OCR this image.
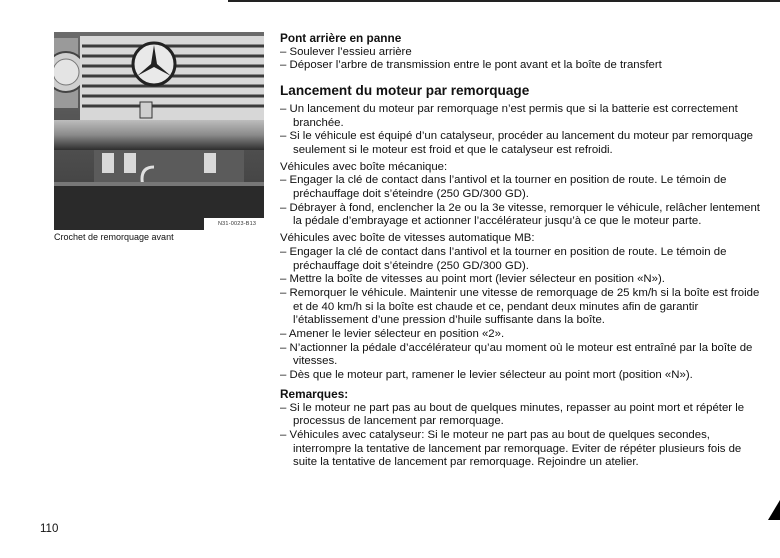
N31-0023-B13
Crochet de remorquage avant
Pont arrière en panne
– Soulever l’essieu arrière
– Déposer l’arbre de transmission entre le pont avant et la boîte de transfert
Lancement du moteur par remorquage
– Un lancement du moteur par remorquage n’est permis que si la batterie est correctement branchée.
– Si le véhicule est équipé d’un catalyseur, procéder au lancement du moteur par remorquage seulement si le moteur est froid et que le catalyseur est refroidi.
Véhicules avec boîte mécanique:
– Engager la clé de contact dans l’antivol et la tourner en position de route. Le témoin de préchauffage doit s’éteindre (250 GD/300 GD).
– Débrayer à fond, enclencher la 2e ou la 3e vitesse, remorquer le véhicule, relâcher lentement la pédale d’embrayage et actionner l’accélérateur jusqu’à ce que le moteur parte.
Véhicules avec boîte de vitesses automatique MB:
– Engager la clé de contact dans l’antivol et la tourner en position de route. Le témoin de préchauffage doit s’éteindre (250 GD/300 GD).
– Mettre la boîte de vitesses au point mort (levier sélecteur en position «N»).
– Remorquer le véhicule. Maintenir une vitesse de remorquage de 25 km/h si la boîte est froide et de 40 km/h si la boîte est chaude et ce, pendant deux minutes afin de garantir l’établissement d’une pression d’huile suffisante dans la boîte.
– Amener le levier sélecteur en position «2».
– N’actionner la pédale d’accélérateur qu’au moment où le moteur est entraîné par la boîte de vitesses.
– Dès que le moteur part, ramener le levier sélecteur au point mort (position «N»).
Remarques:
– Si le moteur ne part pas au bout de quelques minutes, repasser au point mort et répéter le processus de lancement par remorquage.
– Véhicules avec catalyseur: Si le moteur ne part pas au bout de quelques secondes, interrompre la tentative de lancement par remorquage. Eviter de répéter plusieurs fois de suite la tentative de lancement par remorquage. Rejoindre un atelier.
110
